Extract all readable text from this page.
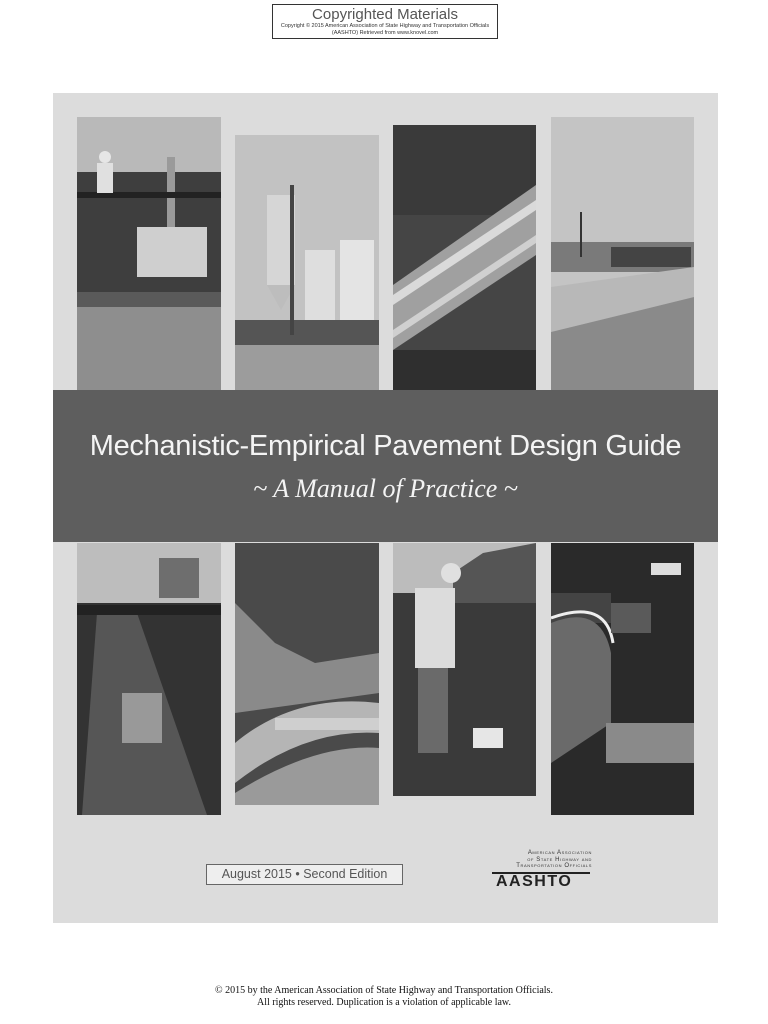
Copyrighted Materials
Copyright © 2015 American Association of State Highway and Transportation Officials
(AASHTO) Retrieved from www.knovel.com
Mechanistic-Empirical Pavement Design Guide
~ A Manual of Practice ~
August 2015 • Second Edition
American Association
of State Highway and
Transportation Officials
AASHTO
© 2015 by the American Association of State Highway and Transportation Officials.
All rights reserved. Duplication is a violation of applicable law.
